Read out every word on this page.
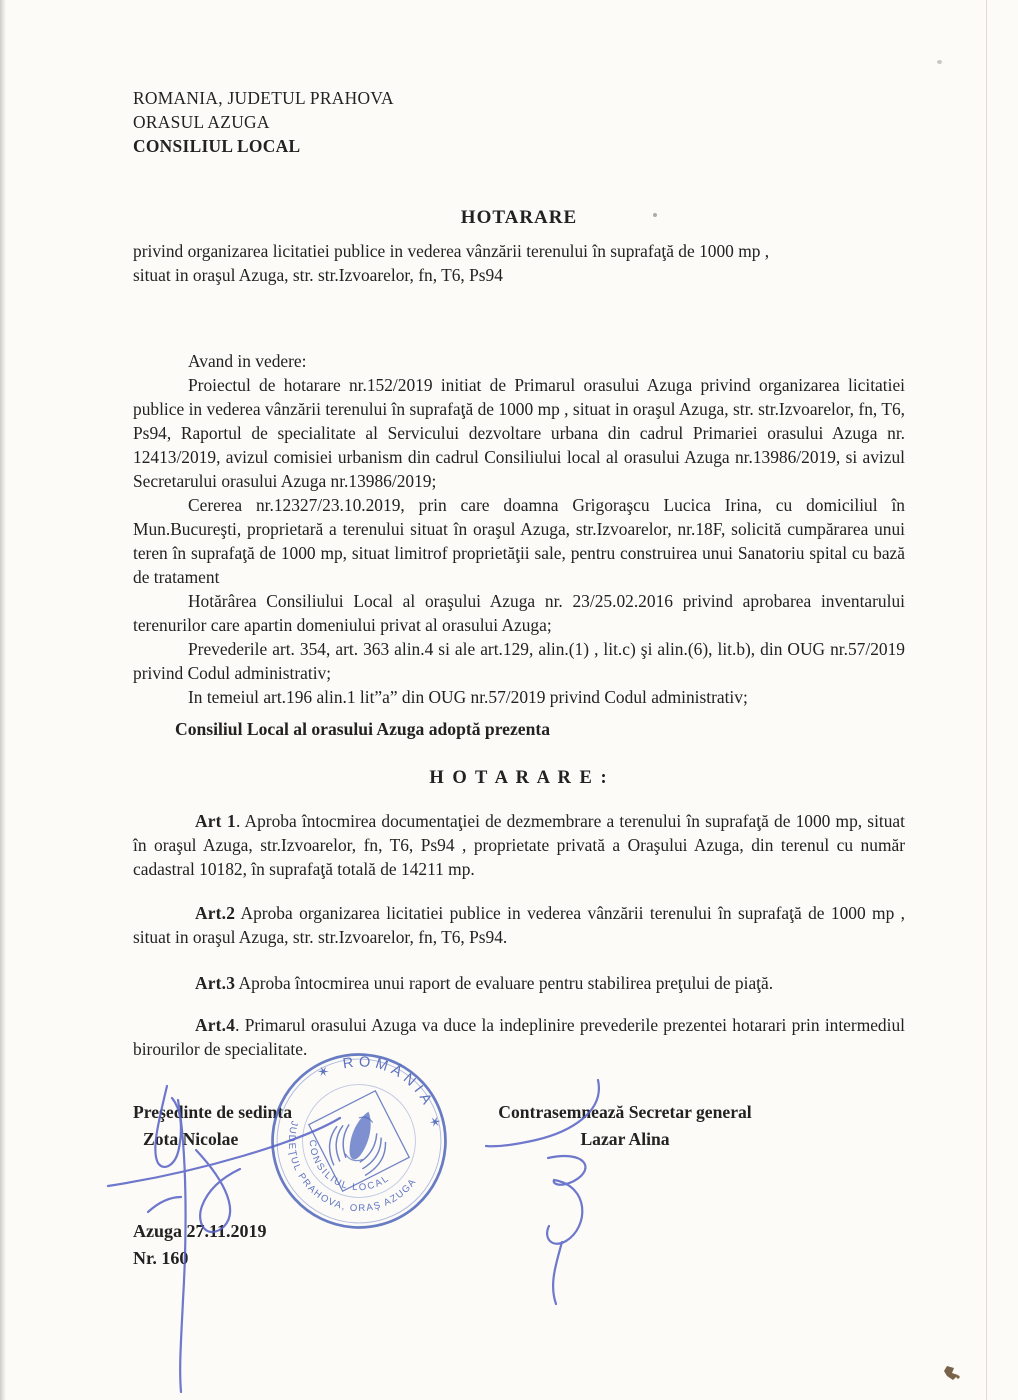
ROMANIA, JUDETUL PRAHOVA
ORASUL AZUGA
CONSILIUL LOCAL
HOTARARE
privind organizarea licitatiei publice in vederea vânzării terenului în suprafaţă de 1000 mp ,
situat in oraşul Azuga, str. str.Izvoarelor, fn, T6, Ps94

Avand in vedere:

Proiectul de hotarare nr.152/2019 initiat de Primarul orasului Azuga privind organizarea licitatiei publice in vederea vânzării terenului în suprafaţă de 1000 mp , situat in oraşul Azuga, str. str.Izvoarelor, fn, T6, Ps94, Raportul de specialitate al Servicului dezvoltare urbana din cadrul Primariei orasului Azuga nr. 12413/2019, avizul comisiei urbanism din cadrul Consiliului local al orasului Azuga nr.13986/2019, si avizul Secretarului orasului Azuga nr.13986/2019;

Cererea nr.12327/23.10.2019, prin care doamna Grigoraşcu Lucica Irina, cu domiciliul în Mun.Bucureşti, proprietară a terenului situat în oraşul Azuga, str.Izvoarelor, nr.18F, solicită cumpărarea unui teren în suprafaţă de 1000 mp, situat limitrof proprietăţii sale, pentru construirea unui Sanatoriu spital cu bază de tratament

Hotărârea Consiliului Local al oraşului Azuga nr. 23/25.02.2016 privind aprobarea inventarului terenurilor care apartin domeniului privat al orasului Azuga;

Prevederile art. 354, art. 363 alin.4 si ale art.129, alin.(1) , lit.c) şi alin.(6), lit.b), din OUG nr.57/2019 privind Codul administrativ;

In temeiul art.196 alin.1 lit”a” din OUG nr.57/2019 privind Codul administrativ;

Consiliul Local al orasului Azuga adoptă prezenta
H O T A R A R E :

Art 1. Aproba întocmirea documentaţiei de dezmembrare a terenului în suprafaţă de 1000 mp, situat în oraşul Azuga, str.Izvoarelor, fn, T6, Ps94 , proprietate privată a Oraşului Azuga, din terenul cu număr cadastral 10182, în suprafaţă totală de 14211 mp.

Art.2 Aproba organizarea licitatiei publice in vederea vânzării terenului în suprafaţă de 1000 mp , situat in oraşul Azuga, str. str.Izvoarelor, fn, T6, Ps94.

Art.3 Aproba întocmirea unui raport de evaluare pentru stabilirea preţului de piaţă.

Art.4. Primarul orasului Azuga va duce la indeplinire prevederile prezentei hotarari prin intermediul birourilor de specialitate.

Preşedinte de sedinta
Zota Nicolae
Contrasemnează Secretar general
Lazar Alina
Azuga 27.11.2019
Nr. 160
✶ ROMÂNIA ✶
JUDEŢUL PRAHOVA, ORAŞ AZUGA
CONSILIUL LOCAL
